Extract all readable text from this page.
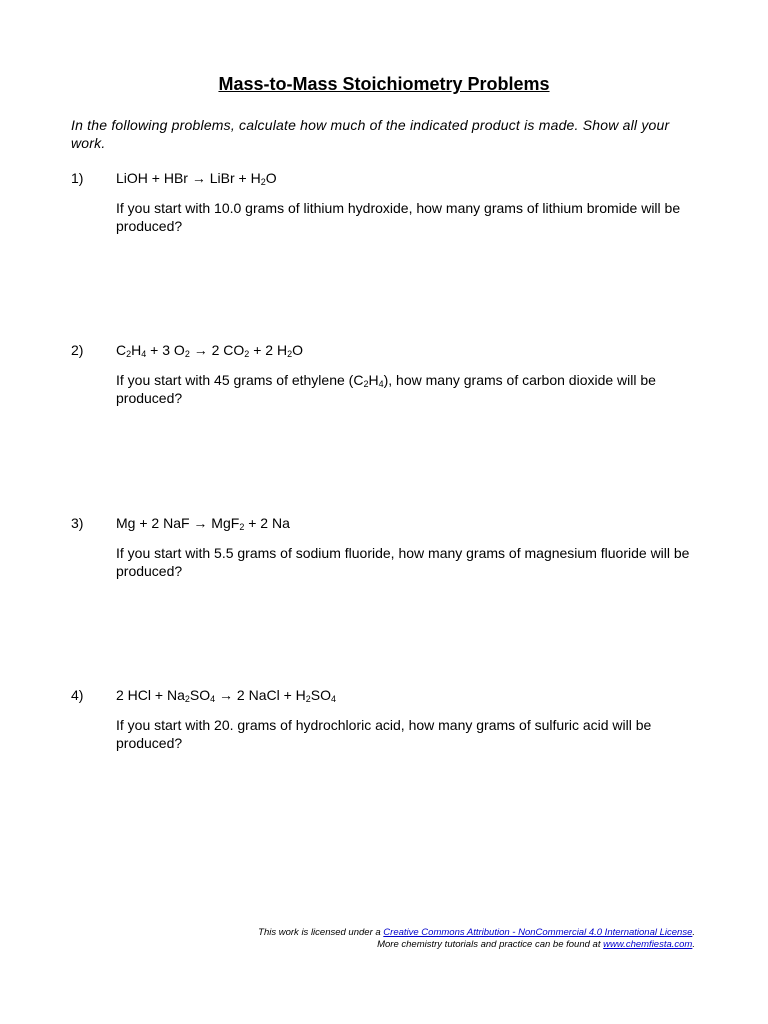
Mass-to-Mass Stoichiometry Problems
In the following problems, calculate how much of the indicated product is made. Show all your work.
1) LiOH + HBr → LiBr + $H_2O$
If you start with 10.0 grams of lithium hydroxide, how many grams of lithium bromide will be produced?
2) $C_2H_4 + 3$ $O_2 \to 2$ $CO_2 + 2$ $H_2O$
If you start with 45 grams of ethylene $(C_2H_4)$, how many grams of carbon dioxide will be produced?
3) Mg + 2 NaF → MgF$_2$ + 2 Na
If you start with 5.5 grams of sodium fluoride, how many grams of magnesium fluoride will be produced?
4) 2 HCl + $Na_2SO_4 \to 2$ NaCl + $H_2SO_4$
If you start with 20. grams of hydrochloric acid, how many grams of sulfuric acid will be produced?
This work is licensed under a Creative Commons Attribution - NonCommercial 4.0 International License.
More chemistry tutorials and practice can be found at www.chemfiesta.com.
